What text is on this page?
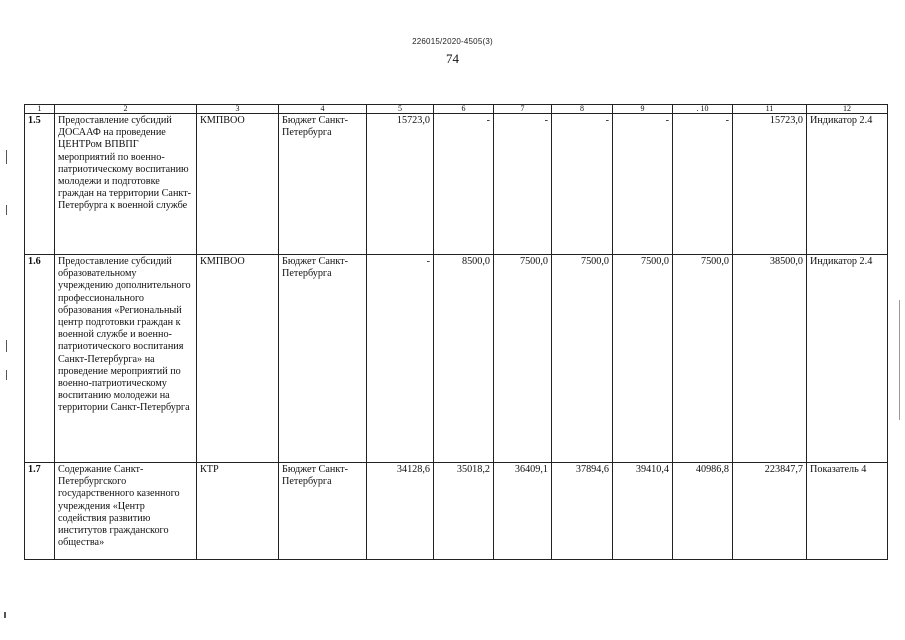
226015/2020-4505(3)
74
1	2	3	4	5	6	7	8	9	. 10	11	12
1.5	Предоставление субсидий ДОСААФ на проведение ЦЕНТРом ВПВПГ мероприятий по военно-патриотическому воспитанию молодежи и подготовке граждан на территории Санкт-Петербурга к военной службе	КМПВОО	Бюджет Санкт-Петербурга	15723,0	-	-	-	-	-	15723,0	Индикатор 2.4
1.6	Предоставление субсидий образовательному учреждению дополнительного профессионального образования «Региональный центр подготовки граждан к военной службе и военно-патриотического воспитания Санкт-Петербурга» на проведение мероприятий по военно-патриотическому воспитанию молодежи на территории Санкт-Петербурга	КМПВОО	Бюджет Санкт-Петербурга	-	8500,0	7500,0	7500,0	7500,0	7500,0	38500,0	Индикатор 2.4
1.7	Содержание Санкт-Петербургского государственного казенного учреждения «Центр содействия развитию институтов гражданского общества»	КТР	Бюджет Санкт-Петербурга	34128,6	35018,2	36409,1	37894,6	39410,4	40986,8	223847,7	Показатель 4
